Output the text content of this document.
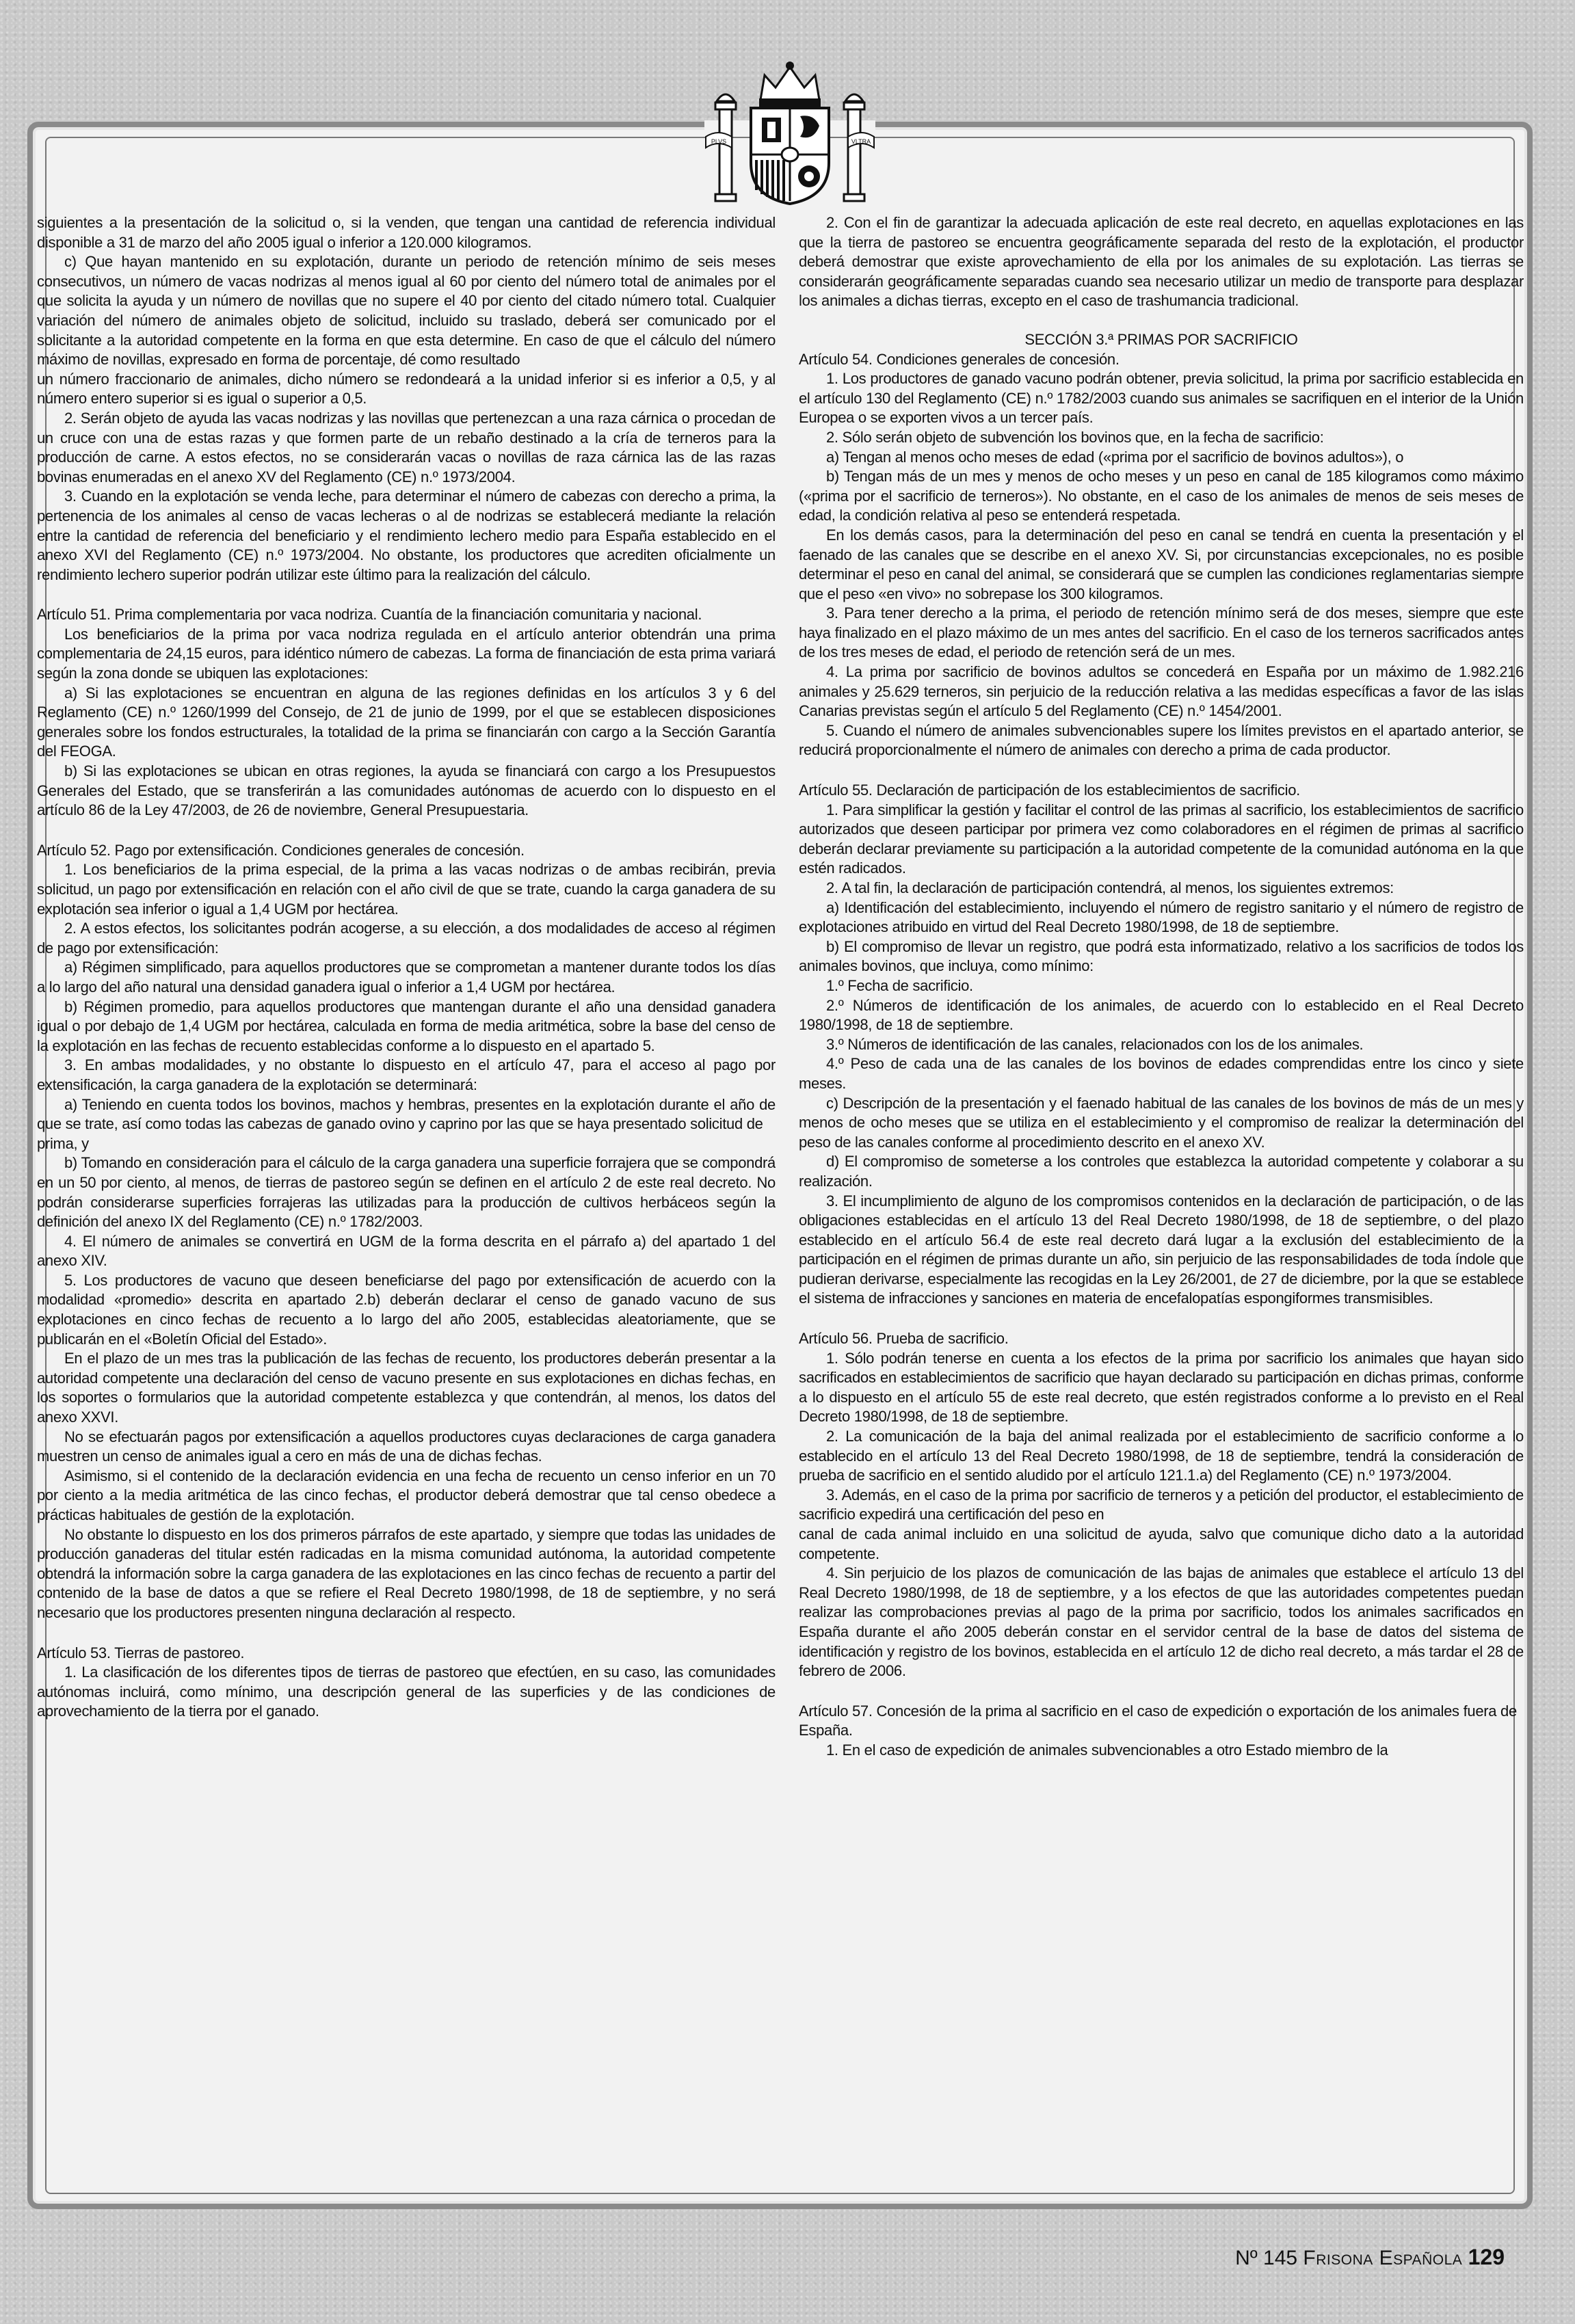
PLVS	VLTRA

siguientes a la presentación de la solicitud o, si la venden, que tengan una cantidad de referencia individual disponible a 31 de marzo del año 2005 igual o inferior a 120.000 kilogramos.

c) Que hayan mantenido en su explotación, durante un periodo de retención mínimo de seis meses consecutivos, un número de vacas nodrizas al menos igual al 60 por ciento del número total de animales por el que solicita la ayuda y un número de novillas que no supere el 40 por ciento del citado número total. Cualquier variación del número de animales objeto de solicitud, incluido su traslado, deberá ser comunicado por el solicitante a la autoridad competente en la forma en que esta determine. En caso de que el cálculo del número máximo de novillas, expresado en forma de porcentaje, dé como resultado

un número fraccionario de animales, dicho número se redondeará a la unidad inferior si es inferior a 0,5, y al número entero superior si es igual o superior a 0,5.

2. Serán objeto de ayuda las vacas nodrizas y las novillas que pertenezcan a una raza cárnica o procedan de un cruce con una de estas razas y que formen parte de un rebaño destinado a la cría de terneros para la producción de carne. A estos efectos, no se considerarán vacas o novillas de raza cárnica las de las razas bovinas enumeradas en el anexo XV del Reglamento (CE) n.º 1973/2004.

3. Cuando en la explotación se venda leche, para determinar el número de cabezas con derecho a prima, la pertenencia de los animales al censo de vacas lecheras o al de nodrizas se establecerá mediante la relación entre la cantidad de referencia del beneficiario y el rendimiento lechero medio para España establecido en el anexo XVI del Reglamento (CE) n.º 1973/2004. No obstante, los productores que acrediten oficialmente un rendimiento lechero superior podrán utilizar este último para la realización del cálculo.

Artículo 51. Prima complementaria por vaca nodriza. Cuantía de la financiación comunitaria y nacional.

Los beneficiarios de la prima por vaca nodriza regulada en el artículo anterior obtendrán una prima complementaria de 24,15 euros, para idéntico número de cabezas. La forma de financiación de esta prima variará según la zona donde se ubiquen las explotaciones:

a) Si las explotaciones se encuentran en alguna de las regiones definidas en los artículos 3 y 6 del Reglamento (CE) n.º 1260/1999 del Consejo, de 21 de junio de 1999, por el que se establecen disposiciones generales sobre los fondos estructurales, la totalidad de la prima se financiarán con cargo a la Sección Garantía del FEOGA.

b) Si las explotaciones se ubican en otras regiones, la ayuda se financiará con cargo a los Presupuestos Generales del Estado, que se transferirán a las comunidades autónomas de acuerdo con lo dispuesto en el artículo 86 de la Ley 47/2003, de 26 de noviembre, General Presupuestaria.

Artículo 52. Pago por extensificación. Condiciones generales de concesión.

1. Los beneficiarios de la prima especial, de la prima a las vacas nodrizas o de ambas recibirán, previa solicitud, un pago por extensificación en relación con el año civil de que se trate, cuando la carga ganadera de su explotación sea inferior o igual a 1,4 UGM por hectárea.

2. A estos efectos, los solicitantes podrán acogerse, a su elección, a dos modalidades de acceso al régimen de pago por extensificación:

a) Régimen simplificado, para aquellos productores que se comprometan a mantener durante todos los días a lo largo del año natural una densidad ganadera igual o inferior a 1,4 UGM por hectárea.

b) Régimen promedio, para aquellos productores que mantengan durante el año una densidad ganadera igual o por debajo de 1,4 UGM por hectárea, calculada en forma de media aritmética, sobre la base del censo de la explotación en las fechas de recuento establecidas conforme a lo dispuesto en el apartado 5.

3. En ambas modalidades, y no obstante lo dispuesto en el artículo 47, para el acceso al pago por extensificación, la carga ganadera de la explotación se determinará:

a) Teniendo en cuenta todos los bovinos, machos y hembras, presentes en la explotación durante el año de que se trate, así como todas las cabezas de ganado ovino y caprino por las que se haya presentado solicitud de

prima, y

b) Tomando en consideración para el cálculo de la carga ganadera una superficie forrajera que se compondrá en un 50 por ciento, al menos, de tierras de pastoreo según se definen en el artículo 2 de este real decreto. No podrán considerarse superficies forrajeras las utilizadas para la producción de cultivos herbáceos según la definición del anexo IX del Reglamento (CE) n.º 1782/2003.

4. El número de animales se convertirá en UGM de la forma descrita en el párrafo a) del apartado 1 del anexo XIV.

5. Los productores de vacuno que deseen beneficiarse del pago por extensificación de acuerdo con la modalidad «promedio» descrita en apartado 2.b) deberán declarar el censo de ganado vacuno de sus explotaciones en cinco fechas de recuento a lo largo del año 2005, establecidas aleatoriamente, que se publicarán en el «Boletín Oficial del Estado».

En el plazo de un mes tras la publicación de las fechas de recuento, los productores deberán presentar a la autoridad competente una declaración del censo de vacuno presente en sus explotaciones en dichas fechas, en los soportes o formularios que la autoridad competente establezca y que contendrán, al menos, los datos del anexo XXVI.

No se efectuarán pagos por extensificación a aquellos productores cuyas declaraciones de carga ganadera muestren un censo de animales igual a cero en más de una de dichas fechas.

Asimismo, si el contenido de la declaración evidencia en una fecha de recuento un censo inferior en un 70 por ciento a la media aritmética de las cinco fechas, el productor deberá demostrar que tal censo obedece a prácticas habituales de gestión de la explotación.

No obstante lo dispuesto en los dos primeros párrafos de este apartado, y siempre que todas las unidades de producción ganaderas del titular estén radicadas en la misma comunidad autónoma, la autoridad competente obtendrá la información sobre la carga ganadera de las explotaciones en las cinco fechas de recuento a partir del contenido de la base de datos a que se refiere el Real Decreto 1980/1998, de 18 de septiembre, y no será necesario que los productores presenten ninguna declaración al respecto.

Artículo 53. Tierras de pastoreo.

1. La clasificación de los diferentes tipos de tierras de pastoreo que efectúen, en su caso, las comunidades autónomas incluirá, como mínimo, una descripción general de las superficies y de las condiciones de aprovechamiento de la tierra por el ganado.

2. Con el fin de garantizar la adecuada aplicación de este real decreto, en aquellas explotaciones en las que la tierra de pastoreo se encuentra geográficamente separada del resto de la explotación, el productor deberá demostrar que existe aprovechamiento de ella por los animales de su explotación. Las tierras se considerarán geográficamente separadas cuando sea necesario utilizar un medio de transporte para desplazar los animales a dichas tierras, excepto en el caso de trashumancia tradicional.

SECCIÓN 3.ª PRIMAS POR SACRIFICIO
Artículo 54. Condiciones generales de concesión.

1. Los productores de ganado vacuno podrán obtener, previa solicitud, la prima por sacrificio establecida en el artículo 130 del Reglamento (CE) n.º 1782/2003 cuando sus animales se sacrifiquen en el interior de la Unión Europea o se exporten vivos a un tercer país.

2. Sólo serán objeto de subvención los bovinos que, en la fecha de sacrificio:

a) Tengan al menos ocho meses de edad («prima por el sacrificio de bovinos adultos»), o

b) Tengan más de un mes y menos de ocho meses y un peso en canal de 185 kilogramos como máximo («prima por el sacrificio de terneros»). No obstante, en el caso de los animales de menos de seis meses de edad, la condición relativa al peso se entenderá respetada.

En los demás casos, para la determinación del peso en canal se tendrá en cuenta la presentación y el faenado de las canales que se describe en el anexo XV. Si, por circunstancias excepcionales, no es posible determinar el peso en canal del animal, se considerará que se cumplen las condiciones reglamentarias siempre que el peso «en vivo» no sobrepase los 300 kilogramos.

3. Para tener derecho a la prima, el periodo de retención mínimo será de dos meses, siempre que este haya finalizado en el plazo máximo de un mes antes del sacrificio. En el caso de los terneros sacrificados antes de los tres meses de edad, el periodo de retención será de un mes.

4. La prima por sacrificio de bovinos adultos se concederá en España por un máximo de 1.982.216 animales y 25.629 terneros, sin perjuicio de la reducción relativa a las medidas específicas a favor de las islas Canarias previstas según el artículo 5 del Reglamento (CE) n.º 1454/2001.

5. Cuando el número de animales subvencionables supere los límites previstos en el apartado anterior, se reducirá proporcionalmente el número de animales con derecho a prima de cada productor.

Artículo 55. Declaración de participación de los establecimientos de sacrificio.

1. Para simplificar la gestión y facilitar el control de las primas al sacrificio, los establecimientos de sacrificio autorizados que deseen participar por primera vez como colaboradores en el régimen de primas al sacrificio deberán declarar previamente su participación a la autoridad competente de la comunidad autónoma en la que estén radicados.

2. A tal fin, la declaración de participación contendrá, al menos, los siguientes extremos:

a) Identificación del establecimiento, incluyendo el número de registro sanitario y el número de registro de explotaciones atribuido en virtud del Real Decreto 1980/1998, de 18 de septiembre.

b) El compromiso de llevar un registro, que podrá esta informatizado, relativo a los sacrificios de todos los animales bovinos, que incluya, como mínimo:

1.º Fecha de sacrificio.

2.º Números de identificación de los animales, de acuerdo con lo establecido en el Real Decreto 1980/1998, de 18 de septiembre.

3.º Números de identificación de las canales, relacionados con los de los animales.

4.º Peso de cada una de las canales de los bovinos de edades comprendidas entre los cinco y siete meses.

c) Descripción de la presentación y el faenado habitual de las canales de los bovinos de más de un mes y menos de ocho meses que se utiliza en el establecimiento y el compromiso de realizar la determinación del peso de las canales conforme al procedimiento descrito en el anexo XV.

d) El compromiso de someterse a los controles que establezca la autoridad competente y colaborar a su realización.

3. El incumplimiento de alguno de los compromisos contenidos en la declaración de participación, o de las obligaciones establecidas en el artículo 13 del Real Decreto 1980/1998, de 18 de septiembre, o del plazo establecido en el artículo 56.4 de este real decreto dará lugar a la exclusión del establecimiento de la participación en el régimen de primas durante un año, sin perjuicio de las responsabilidades de toda índole que pudieran derivarse, especialmente las recogidas en la Ley 26/2001, de 27 de diciembre, por la que se establece el sistema de infracciones y sanciones en materia de encefalopatías espongiformes transmisibles.

Artículo 56. Prueba de sacrificio.

1. Sólo podrán tenerse en cuenta a los efectos de la prima por sacrificio los animales que hayan sido sacrificados en establecimientos de sacrificio que hayan declarado su participación en dichas primas, conforme a lo dispuesto en el artículo 55 de este real decreto, que estén registrados conforme a lo previsto en el Real Decreto 1980/1998, de 18 de septiembre.

2. La comunicación de la baja del animal realizada por el establecimiento de sacrificio conforme a lo establecido en el artículo 13 del Real Decreto 1980/1998, de 18 de septiembre, tendrá la consideración de prueba de sacrificio en el sentido aludido por el artículo 121.1.a) del Reglamento (CE) n.º 1973/2004.

3. Además, en el caso de la prima por sacrificio de terneros y a petición del productor, el establecimiento de sacrificio expedirá una certificación del peso en

canal de cada animal incluido en una solicitud de ayuda, salvo que comunique dicho dato a la autoridad competente.

4. Sin perjuicio de los plazos de comunicación de las bajas de animales que establece el artículo 13 del Real Decreto 1980/1998, de 18 de septiembre, y a los efectos de que las autoridades competentes puedan realizar las comprobaciones previas al pago de la prima por sacrificio, todos los animales sacrificados en España durante el año 2005 deberán constar en el servidor central de la base de datos del sistema de identificación y registro de los bovinos, establecida en el artículo 12 de dicho real decreto, a más tardar el 28 de febrero de 2006.

Artículo 57. Concesión de la prima al sacrificio en el caso de expedición o exportación de los animales fuera de España.

1. En el caso de expedición de animales subvencionables a otro Estado miembro de la

Nº 145 Frisona Española 129
